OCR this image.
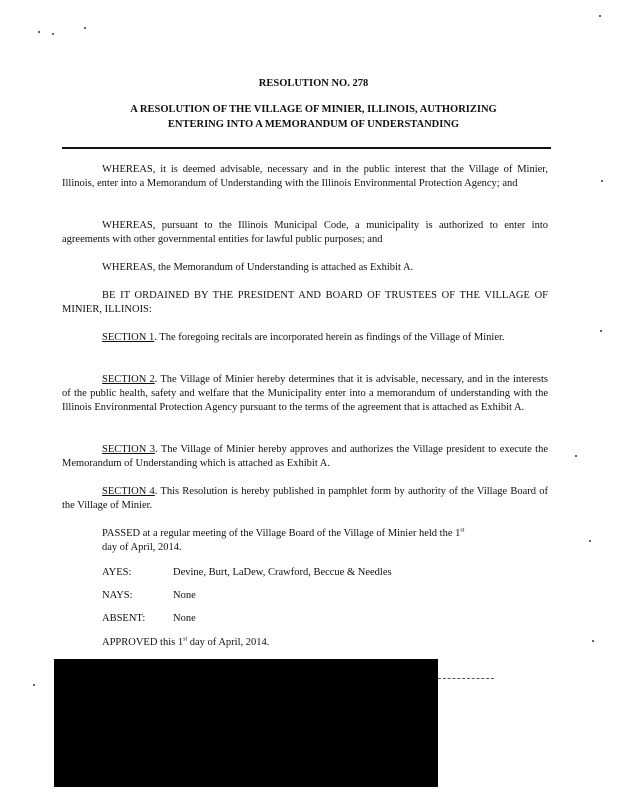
RESOLUTION NO. 278
A RESOLUTION OF THE VILLAGE OF MINIER, ILLINOIS, AUTHORIZING
ENTERING INTO A MEMORANDUM OF UNDERSTANDING
WHEREAS, it is deemed advisable, necessary and in the public interest that the Village of Minier, Illinois, enter into a Memorandum of Understanding with the Illinois Environmental Protection Agency; and
WHEREAS, pursuant to the Illinois Municipal Code, a municipality is authorized to enter into agreements with other governmental entities for lawful public purposes; and
WHEREAS, the Memorandum of Understanding is attached as Exhibit A.
BE IT ORDAINED BY THE PRESIDENT AND BOARD OF TRUSTEES OF THE VILLAGE OF MINIER, ILLINOIS:
SECTION 1. The foregoing recitals are incorporated herein as findings of the Village of Minier.
SECTION 2. The Village of Minier hereby determines that it is advisable, necessary, and in the interests of the public health, safety and welfare that the Municipality enter into a memorandum of understanding with the Illinois Environmental Protection Agency pursuant to the terms of the agreement that is attached as Exhibit A.
SECTION 3. The Village of Minier hereby approves and authorizes the Village president to execute the Memorandum of Understanding which is attached as Exhibit A.
SECTION 4. This Resolution is hereby published in pamphlet form by authority of the Village Board of the Village of Minier.
PASSED at a regular meeting of the Village Board of the Village of Minier held the 1st
day of April, 2014.
AYES:	Devine, Burt, LaDew, Crawford, Beccue & Needles
NAYS:	None
ABSENT:	None
APPROVED this 1st day of April, 2014.
